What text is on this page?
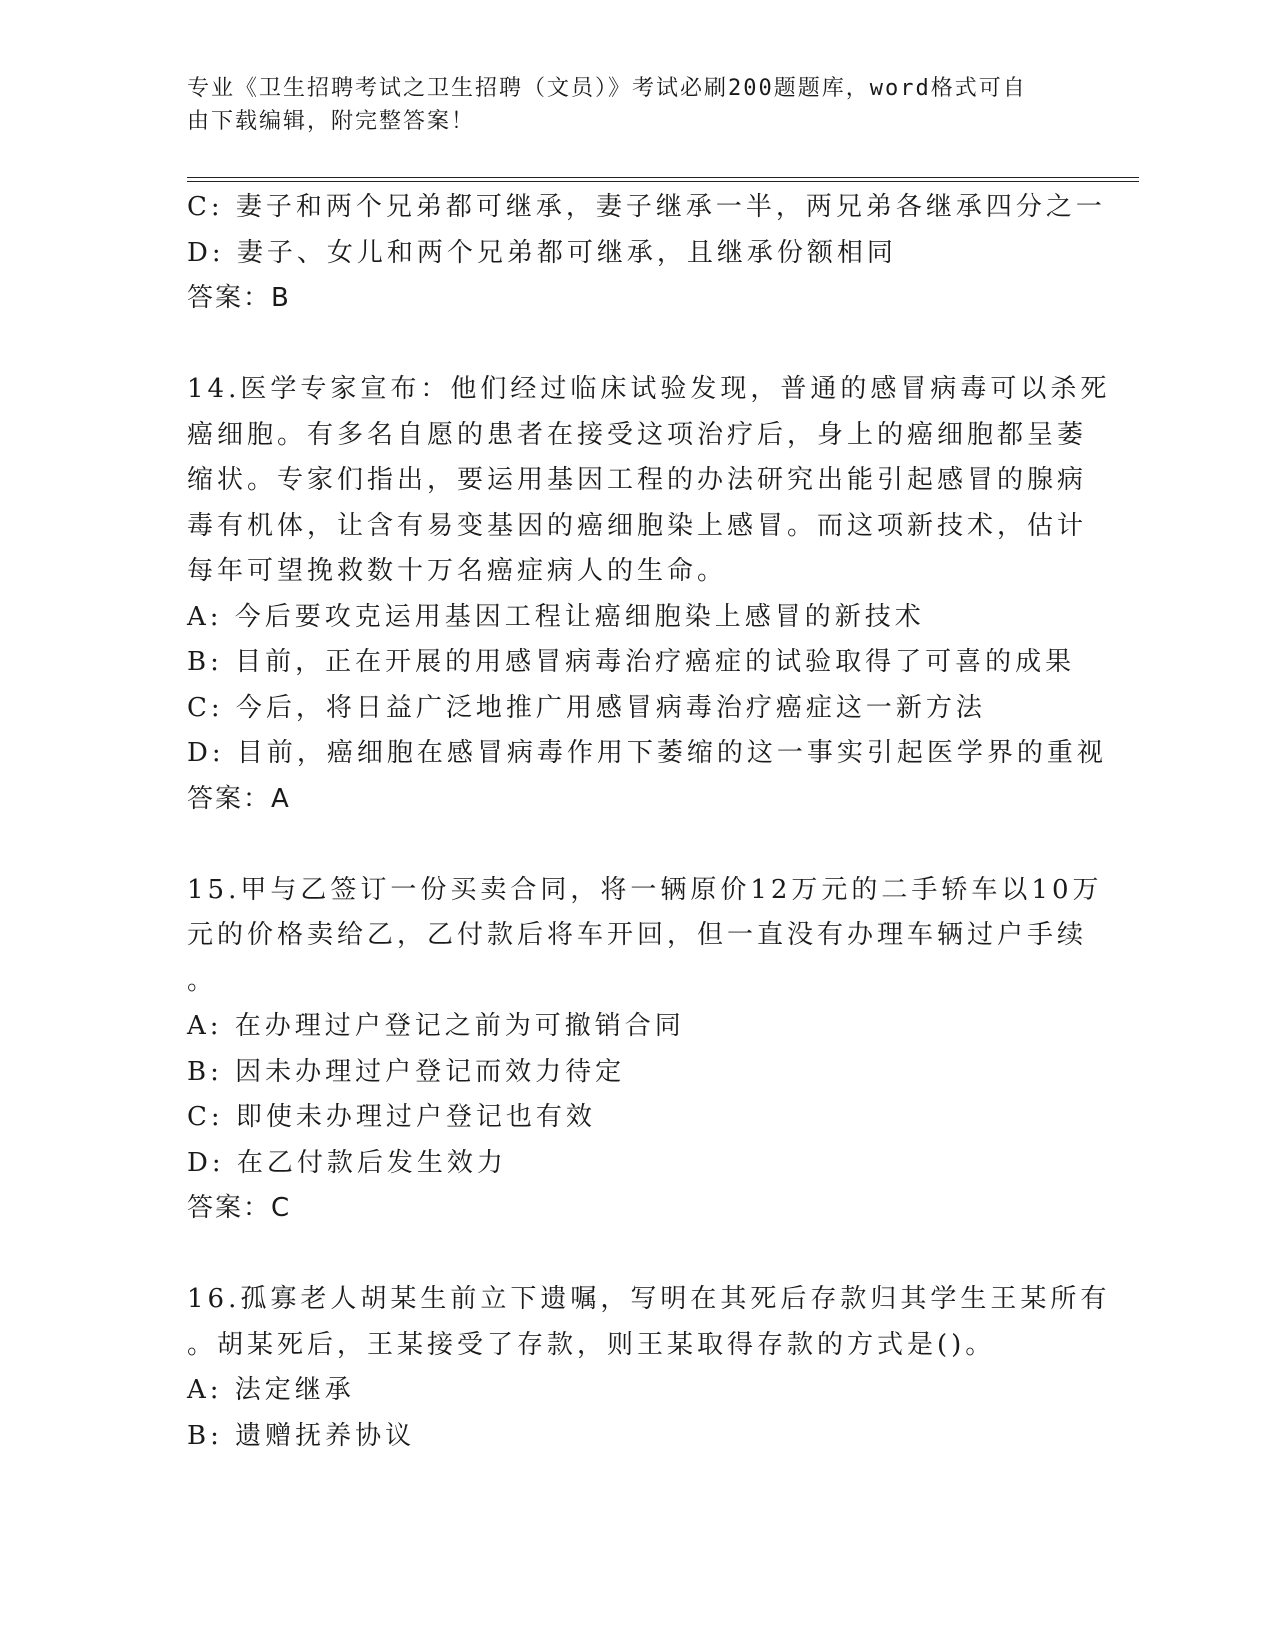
专业《卫生招聘考试之卫生招聘（文员）》考试必刷200题题库，word格式可自
由下载编辑，附完整答案！
C: 妻子和两个兄弟都可继承，妻子继承一半，两兄弟各继承四分之一
D: 妻子、女儿和两个兄弟都可继承，且继承份额相同
答案：B
14.医学专家宣布：他们经过临床试验发现，普通的感冒病毒可以杀死
癌细胞。有多名自愿的患者在接受这项治疗后，身上的癌细胞都呈萎
缩状。专家们指出，要运用基因工程的办法研究出能引起感冒的腺病
毒有机体，让含有易变基因的癌细胞染上感冒。而这项新技术，估计
每年可望挽救数十万名癌症病人的生命。
A: 今后要攻克运用基因工程让癌细胞染上感冒的新技术
B: 目前，正在开展的用感冒病毒治疗癌症的试验取得了可喜的成果
C: 今后，将日益广泛地推广用感冒病毒治疗癌症这一新方法
D: 目前，癌细胞在感冒病毒作用下萎缩的这一事实引起医学界的重视
答案：A
15.甲与乙签订一份买卖合同，将一辆原价12万元的二手轿车以10万
元的价格卖给乙，乙付款后将车开回，但一直没有办理车辆过户手续
。
A: 在办理过户登记之前为可撤销合同
B: 因未办理过户登记而效力待定
C: 即使未办理过户登记也有效
D: 在乙付款后发生效力
答案：C
16.孤寡老人胡某生前立下遗嘱，写明在其死后存款归其学生王某所有
。胡某死后，王某接受了存款，则王某取得存款的方式是()。
A: 法定继承
B: 遗赠抚养协议
